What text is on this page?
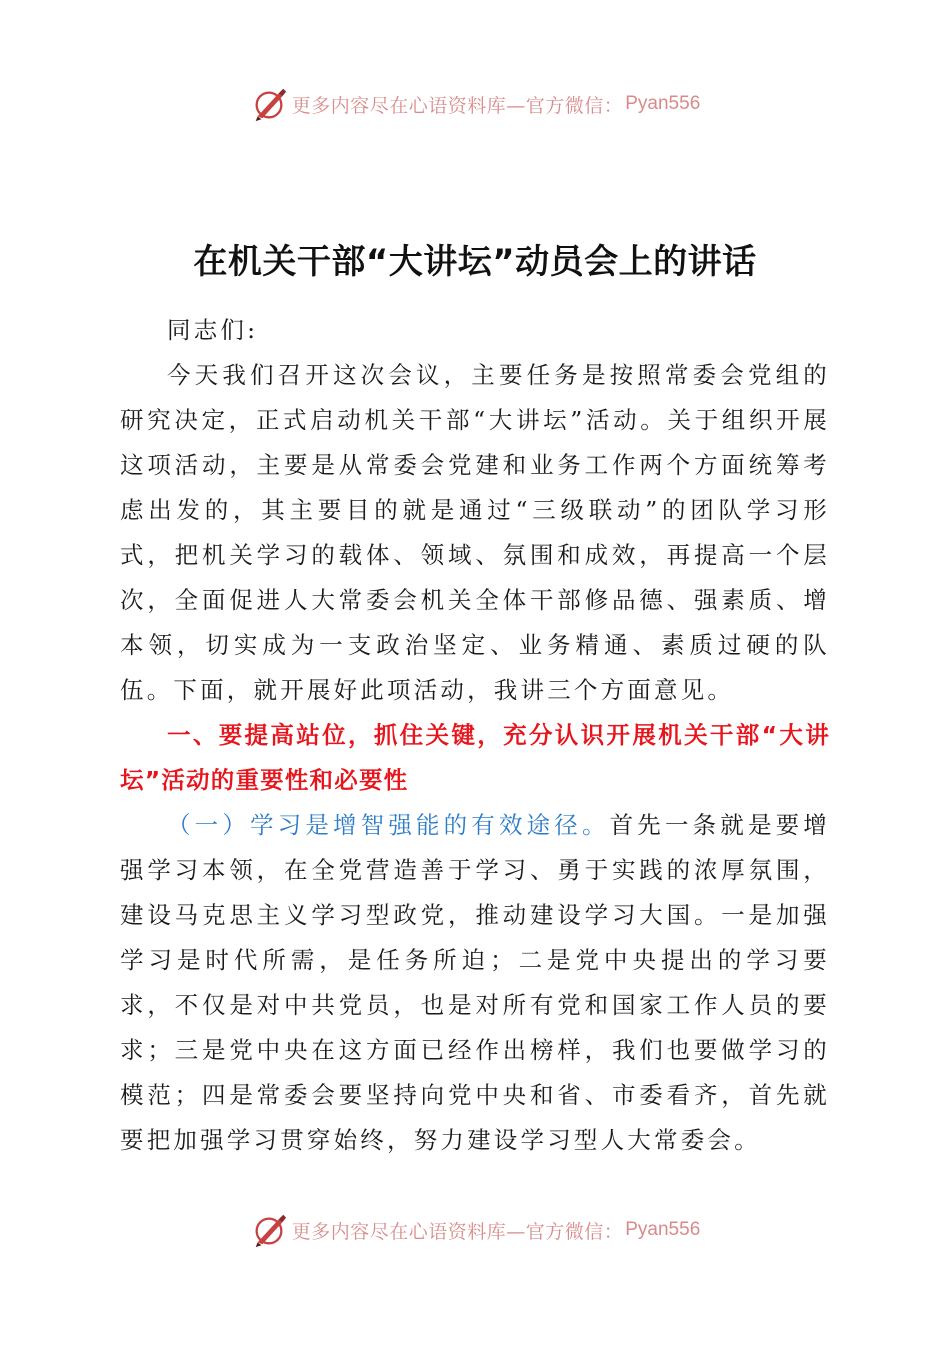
更多内容尽在心语资料库—官方微信： Pyan556
在机关干部“大讲坛”动员会上的讲话

同志们:

今天我们召开这次会议，主要任务是按照常委会党组的研究决定，正式启动机关干部“大讲坛”活动。关于组织开展这项活动，主要是从常委会党建和业务工作两个方面统筹考虑出发的，其主要目的就是通过“三级联动”的团队学习形式，把机关学习的载体、领域、氛围和成效，再提高一个层次，全面促进人大常委会机关全体干部修品德、强素质、增本领，切实成为一支政治坚定、业务精通、素质过硬的队伍。下面，就开展好此项活动，我讲三个方面意见。

一、要提高站位，抓住关键，充分认识开展机关干部“大讲坛”活动的重要性和必要性

（一）学习是增智强能的有效途径。首先一条就是要增强学习本领，在全党营造善于学习、勇于实践的浓厚氛围，建设马克思主义学习型政党，推动建设学习大国。一是加强学习是时代所需，是任务所迫；二是党中央提出的学习要求，不仅是对中共党员，也是对所有党和国家工作人员的要求；三是党中央在这方面已经作出榜样，我们也要做学习的模范；四是常委会要坚持向党中央和省、市委看齐，首先就要把加强学习贯穿始终，努力建设学习型人大常委会。

更多内容尽在心语资料库—官方微信： Pyan556
